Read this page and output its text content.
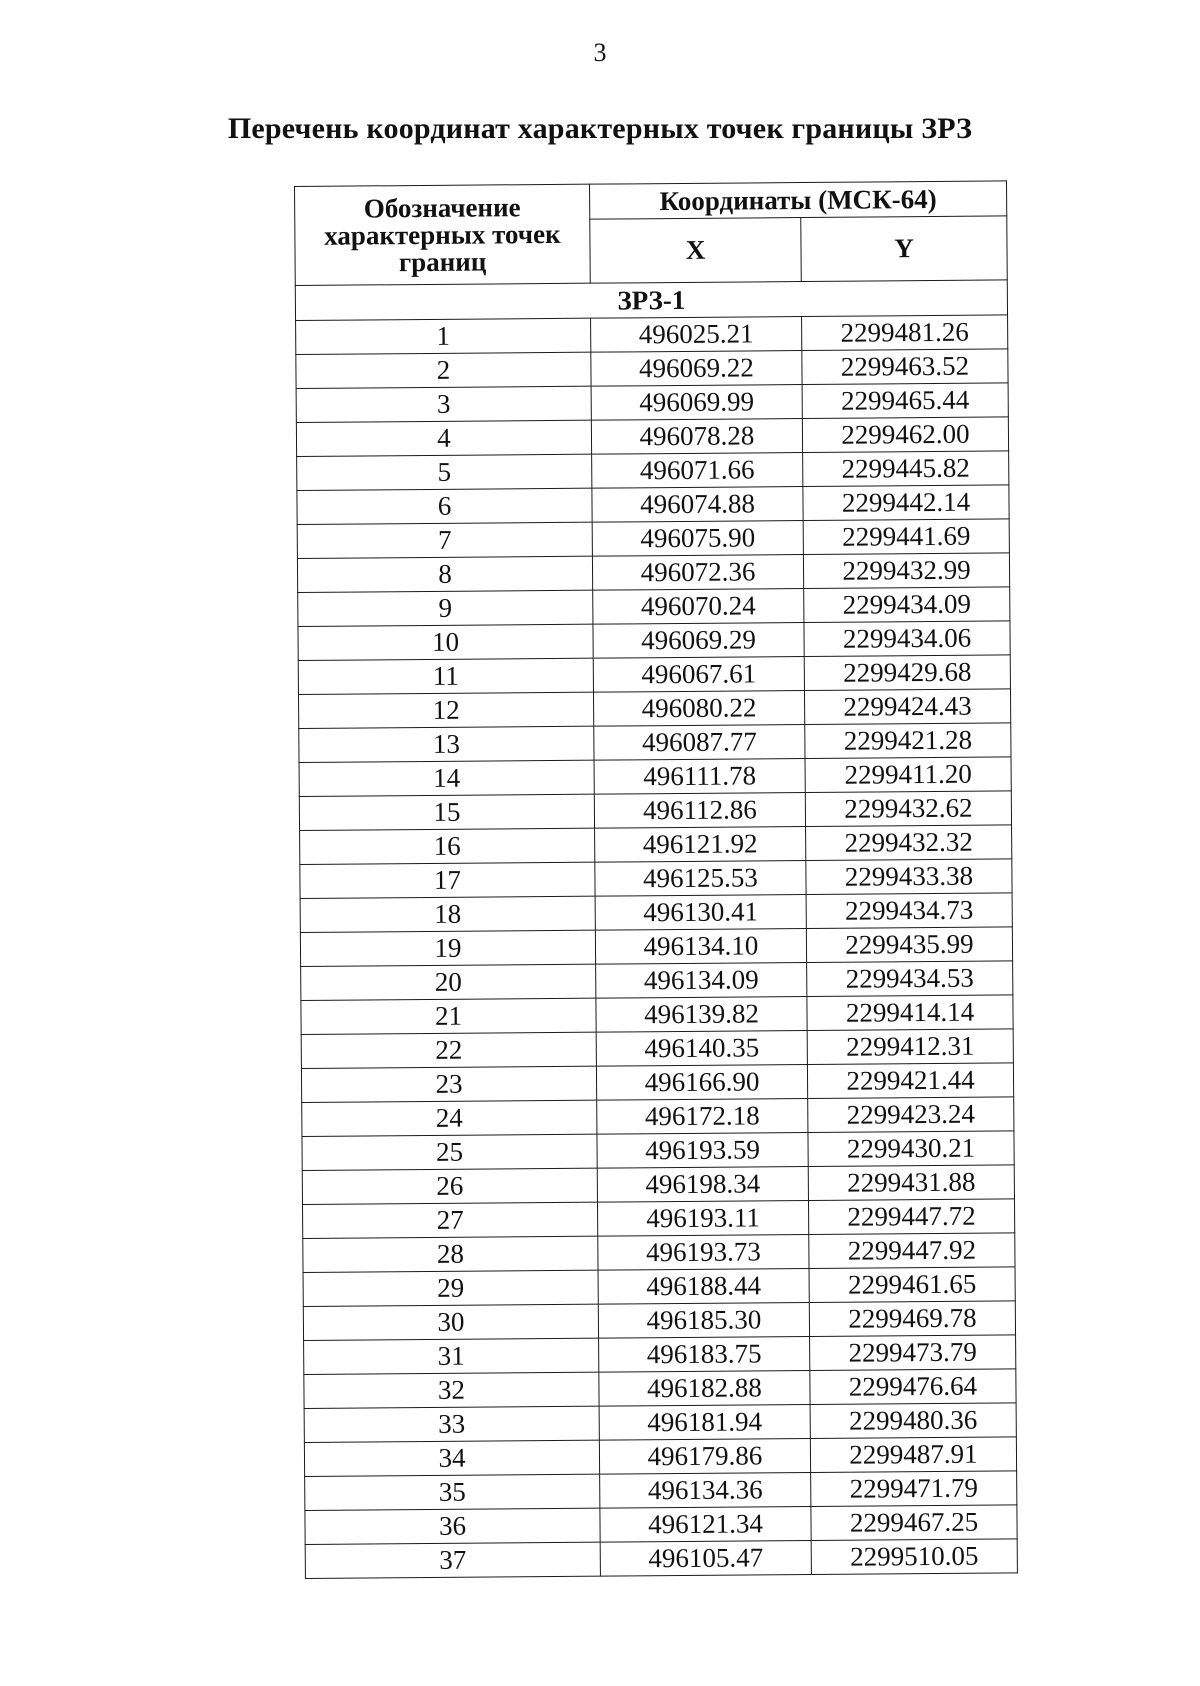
3
Перечень координат характерных точек границы ЗРЗ
Обозначение характерных точек границ	Координаты (МСК-64)	
	X	Y
ЗРЗ-1		
1	496025.21	2299481.26
2	496069.22	2299463.52
3	496069.99	2299465.44
4	496078.28	2299462.00
5	496071.66	2299445.82
6	496074.88	2299442.14
7	496075.90	2299441.69
8	496072.36	2299432.99
9	496070.24	2299434.09
10	496069.29	2299434.06
11	496067.61	2299429.68
12	496080.22	2299424.43
13	496087.77	2299421.28
14	496111.78	2299411.20
15	496112.86	2299432.62
16	496121.92	2299432.32
17	496125.53	2299433.38
18	496130.41	2299434.73
19	496134.10	2299435.99
20	496134.09	2299434.53
21	496139.82	2299414.14
22	496140.35	2299412.31
23	496166.90	2299421.44
24	496172.18	2299423.24
25	496193.59	2299430.21
26	496198.34	2299431.88
27	496193.11	2299447.72
28	496193.73	2299447.92
29	496188.44	2299461.65
30	496185.30	2299469.78
31	496183.75	2299473.79
32	496182.88	2299476.64
33	496181.94	2299480.36
34	496179.86	2299487.91
35	496134.36	2299471.79
36	496121.34	2299467.25
37	496105.47	2299510.05
